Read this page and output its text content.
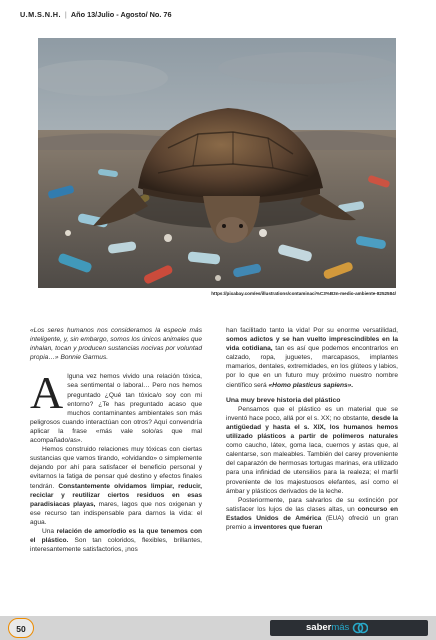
U.M.S.N.H. | Año 13/Julio - Agosto/ No. 76
https://pixabay.com/es/illustrations/contaminaci%C3%B3n-medio-ambiente-8252584/

«Los seres humanos nos consideramos la especie más inteligente, y, sin embargo, somos los únicos animales que inhalan, tocan y producen sustancias nocivas por voluntad propia…» Bonnie Garmus.

Alguna vez hemos vivido una relación tóxica, sea sentimental o laboral… Pero nos hemos preguntado ¿Qué tan tóxica/o soy con mi entorno? ¿Te has preguntado acaso que muchos contaminantes ambientales son más peligrosos cuando interactúan con otros? Aquí convendría aplicar la frase «más vale solo/as que mal acompañado/as».

Hemos construido relaciones muy tóxicas con ciertas sustancias que vamos tirando, «olvidando» o simplemente dejando por ahí para satisfacer el beneficio personal y evitarnos la fatiga de pensar qué destino y efectos finales tendrán. Constantemente olvidamos limpiar, reducir, reciclar y reutilizar ciertos residuos en esas paradisiacas playas, mares, lagos que nos oxigenan y ese recurso tan indispensable para darnos la vida: el agua.

Una relación de amor/odio es la que tenemos con el plástico. Son tan coloridos, flexibles, brillantes, interesantemente satisfactorios, ¡nos

han facilitado tanto la vida! Por su enorme versatilidad, somos adictos y se han vuelto imprescindibles en la vida cotidiana, tan es así que podemos encontrarlos en calzado, ropa, juguetes, marcapasos, implantes mamarios, dentales, extremidades, en los glúteos y labios, por lo que en un futuro muy próximo nuestro nombre científico será «Homo plasticus sapiens».

Una muy breve historia del plástico

Pensamos que el plástico es un material que se inventó hace poco, allá por el s. XX; no obstante, desde la antigüedad y hasta el s. XIX, los humanos hemos utilizado plásticos a partir de polímeros naturales como caucho, látex, goma laca, cuernos y astas que, al calentarse, son maleables. También del carey proveniente del caparazón de hermosas tortugas marinas, era utilizado para una infinidad de utensilios para la realeza; el marfil proveniente de los majestuosos elefantes, así como el ámbar y plásticos derivados de la leche.

Posteriormente, para salvarlos de su extinción por satisfacer los lujos de las clases altas, un concurso en Estados Unidos de América (EUA) ofreció un gran premio a inventores que fueran

50	sabermás
